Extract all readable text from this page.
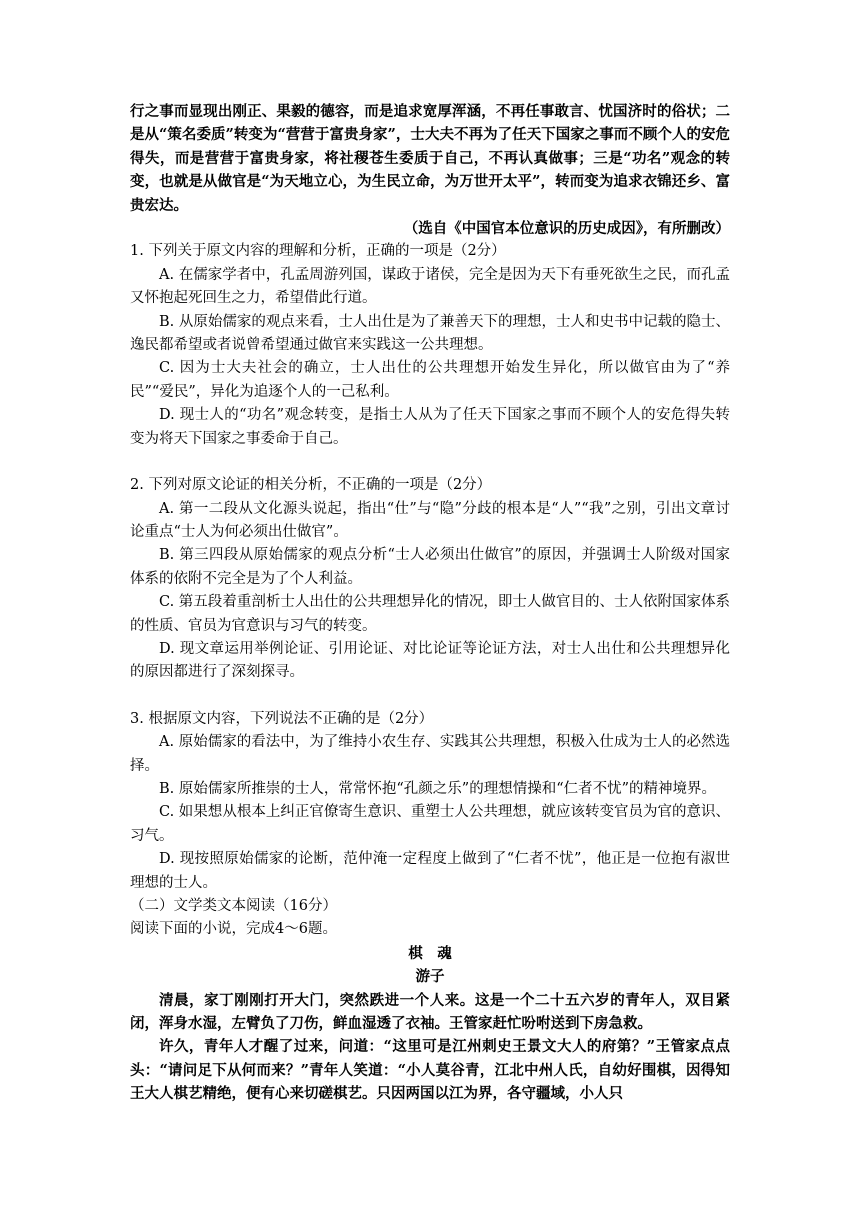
行之事而显现出刚正、果毅的德容，而是追求宽厚浑涵，不再任事敢言、忧国济时的俗状；二是从“策名委质”转变为“营营于富贵身家”，士大夫不再为了任天下国家之事而不顾个人的安危得失，而是营营于富贵身家，将社稷苍生委质于自己，不再认真做事；三是“功名”观念的转变，也就是从做官是“为天地立心，为生民立命，为万世开太平”，转而变为追求衣锦还乡、富贵宏达。

（选自《中国官本位意识的历史成因》，有所删改）

1. 下列关于原文内容的理解和分析，正确的一项是（2分）

A. 在儒家学者中，孔孟周游列国，谋政于诸侯，完全是因为天下有垂死欲生之民，而孔孟又怀抱起死回生之力，希望借此行道。

B. 从原始儒家的观点来看，士人出仕是为了兼善天下的理想，士人和史书中记载的隐士、逸民都希望或者说曾希望通过做官来实践这一公共理想。

C. 因为士大夫社会的确立，士人出仕的公共理想开始发生异化，所以做官由为了“养民”“爱民”，异化为追逐个人的一己私利。

D. 现士人的“功名”观念转变，是指士人从为了任天下国家之事而不顾个人的安危得失转变为将天下国家之事委命于自己。

2. 下列对原文论证的相关分析，不正确的一项是（2分）

A. 第一二段从文化源头说起，指出“仕”与“隐”分歧的根本是“人”“我”之别，引出文章讨论重点“士人为何必须出仕做官”。

B. 第三四段从原始儒家的观点分析“士人必须出仕做官”的原因，并强调士人阶级对国家体系的依附不完全是为了个人利益。

C. 第五段着重剖析士人出仕的公共理想异化的情况，即士人做官目的、士人依附国家体系的性质、官员为官意识与习气的转变。

D. 现文章运用举例论证、引用论证、对比论证等论证方法，对士人出仕和公共理想异化的原因都进行了深刻探寻。

3. 根据原文内容，下列说法不正确的是（2分）

A. 原始儒家的看法中，为了维持小农生存、实践其公共理想，积极入仕成为士人的必然选择。

B. 原始儒家所推崇的士人，常常怀抱“孔颜之乐”的理想情操和“仁者不忧”的精神境界。

C. 如果想从根本上纠正官僚寄生意识、重塑士人公共理想，就应该转变官员为官的意识、习气。

D. 现按照原始儒家的论断，范仲淹一定程度上做到了“仁者不忧”，他正是一位抱有淑世理想的士人。

（二）文学类文本阅读（16分）

阅读下面的小说，完成4～6题。

棋　魂

游子

清晨，家丁刚刚打开大门，突然跌进一个人来。这是一个二十五六岁的青年人，双目紧闭，浑身水湿，左臂负了刀伤，鲜血湿透了衣袖。王管家赶忙吩咐送到下房急救。

许久，青年人才醒了过来，问道：“这里可是江州刺史王景文大人的府第？”王管家点点头：“请问足下从何而来？”青年人笑道：“小人莫谷青，江北中州人氏，自幼好围棋，因得知王大人棋艺精绝，便有心来切磋棋艺。只因两国以江为界，各守疆域，小人只
